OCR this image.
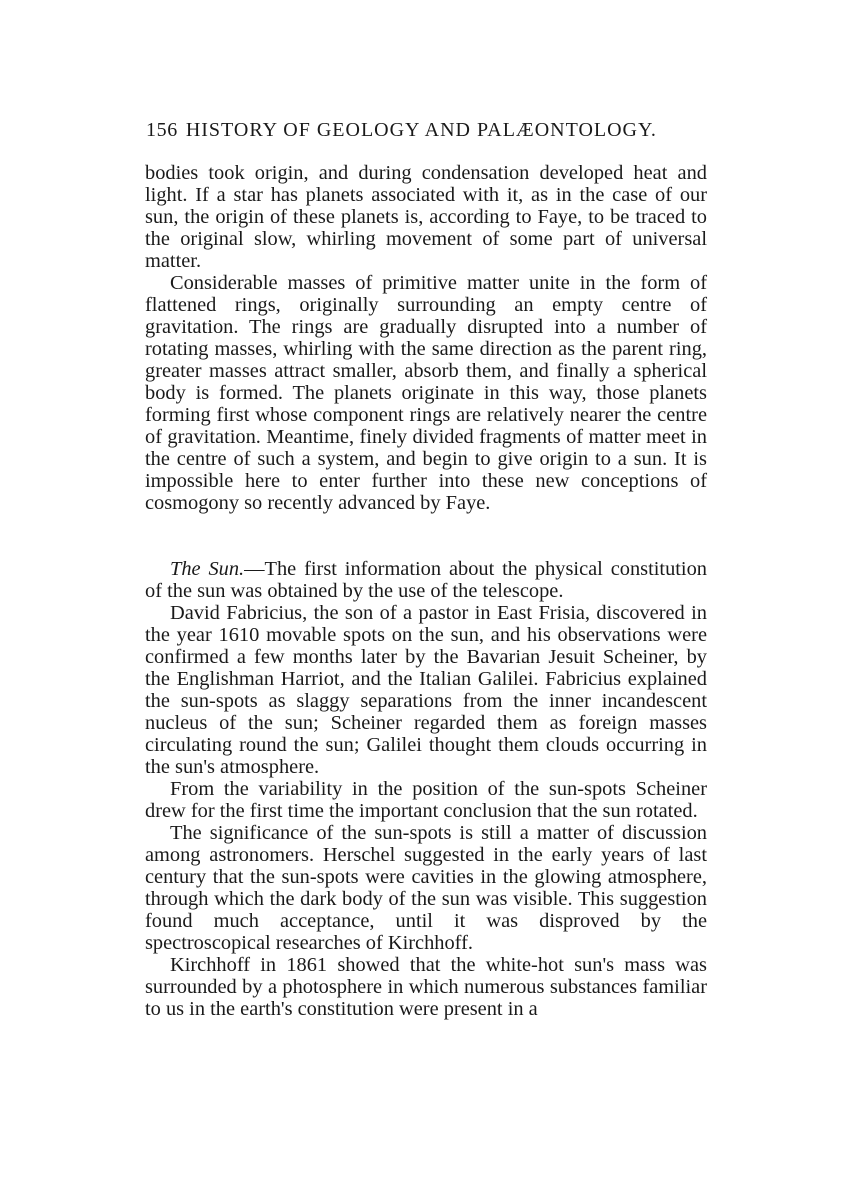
156 HISTORY OF GEOLOGY AND PALÆONTOLOGY.

bodies took origin, and during condensation developed heat and light. If a star has planets associated with it, as in the case of our sun, the origin of these planets is, according to Faye, to be traced to the original slow, whirling movement of some part of universal matter.

Considerable masses of primitive matter unite in the form of flattened rings, originally surrounding an empty centre of gravitation. The rings are gradually disrupted into a number of rotating masses, whirling with the same direction as the parent ring, greater masses attract smaller, absorb them, and finally a spherical body is formed. The planets originate in this way, those planets forming first whose component rings are relatively nearer the centre of gravitation. Meantime, finely divided fragments of matter meet in the centre of such a system, and begin to give origin to a sun. It is impossible here to enter further into these new conceptions of cosmogony so recently advanced by Faye.

The Sun.—The first information about the physical constitution of the sun was obtained by the use of the telescope.

David Fabricius, the son of a pastor in East Frisia, discovered in the year 1610 movable spots on the sun, and his observations were confirmed a few months later by the Bavarian Jesuit Scheiner, by the Englishman Harriot, and the Italian Galilei. Fabricius explained the sun-spots as slaggy separations from the inner incandescent nucleus of the sun; Scheiner regarded them as foreign masses circulating round the sun; Galilei thought them clouds occurring in the sun's atmosphere.

From the variability in the position of the sun-spots Scheiner drew for the first time the important conclusion that the sun rotated.

The significance of the sun-spots is still a matter of discussion among astronomers. Herschel suggested in the early years of last century that the sun-spots were cavities in the glowing atmosphere, through which the dark body of the sun was visible. This suggestion found much acceptance, until it was disproved by the spectroscopical researches of Kirchhoff.

Kirchhoff in 1861 showed that the white-hot sun's mass was surrounded by a photosphere in which numerous substances familiar to us in the earth's constitution were present in a
